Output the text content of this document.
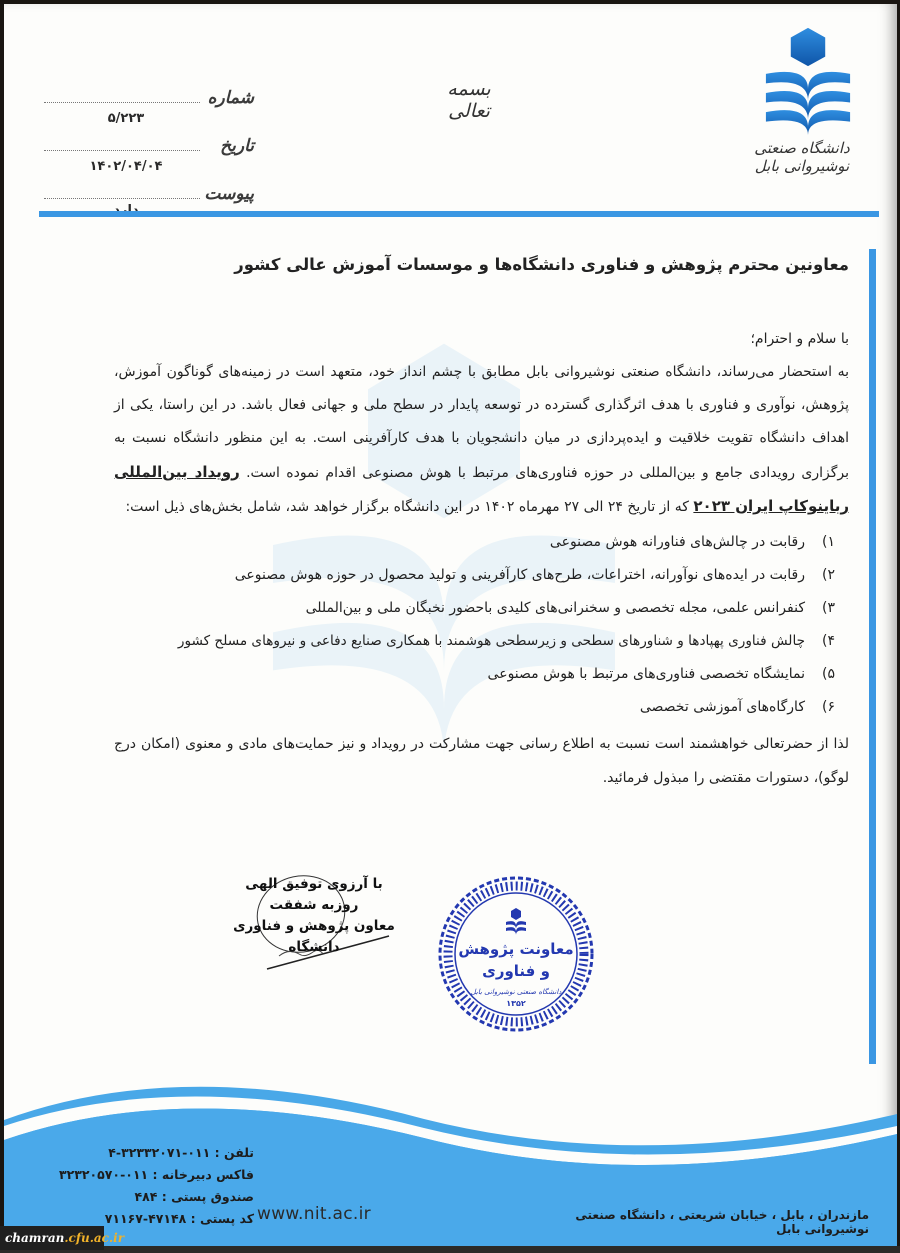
شماره
۵/۲۲۳
تاریخ
۱۴۰۲/۰۴/۰۴
پیوست
بسمه تعالی
دانشگاه صنعتی نوشیروانی بابل
معاونین محترم پژوهش و فناوری دانشگاه‌ها و موسسات آموزش عالی کشور
با سلام و احترام؛
به استحضار می‌رساند، دانشگاه صنعتی نوشیروانی بابل مطابق با چشم انداز خود، متعهد است در زمینه‌های گوناگون آموزش، پژوهش، نوآوری و فناوری با هدف اثرگذاری گسترده در توسعه پایدار در سطح ملی و جهانی فعال باشد. در این راستا، یکی از اهداف دانشگاه تقویت خلاقیت و ایده‌پردازی در میان دانشجویان با هدف کارآفرینی است. به این منظور دانشگاه نسبت به برگزاری رویدادی جامع و بین‌المللی در حوزه فناوری‌های مرتبط با هوش مصنوعی اقدام نموده است. رویداد بین‌المللی رباینوکاپ ایران ۲۰۲۳ که از تاریخ ۲۴ الی ۲۷ مهرماه ۱۴۰۲ در این دانشگاه برگزار خواهد شد، شامل بخش‌های ذیل است:
۱)
رقابت در چالش‌های فناورانه هوش مصنوعی
۲)
رقابت در ایده‌های نوآورانه، اختراعات، طرح‌های کارآفرینی و تولید محصول در حوزه هوش مصنوعی
۳)
کنفرانس علمی، مجله تخصصی و سخنرانی‌های کلیدی باحضور نخبگان ملی و بین‌المللی
۴)
چالش فناوری پهپادها و شناورهای سطحی و زیرسطحی هوشمند با همکاری صنایع دفاعی و نیروهای مسلح کشور
۵)
نمایشگاه تخصصی فناوری‌های مرتبط با هوش مصنوعی
۶)
کارگاه‌های آموزشی تخصصی
لذا از حضرتعالی خواهشمند است نسبت به اطلاع رسانی جهت مشارکت در رویداد و نیز حمایت‌های مادی و معنوی (امکان درج لوگو)، دستورات مقتضی را مبذول فرمائید.
با آرزوی توفیق الهی
روزبه شفقت
معاون پژوهش و فناوری دانشگاه	معاونت پژوهش
و فناوری
دانشگاه صنعتی نوشیروانی بابل
۱۳۵۲
تلفن : ۰۱۱-۳۲۳۳۲۰۷۱-۴
فاکس دبیرخانه : ۰۱۱-۳۲۳۲۰۵۷۰
صندوق پستی : ۴۸۴
کد پستی : ۴۷۱۴۸-۷۱۱۶۷	www.nit.ac.ir	مازندران ، بابل ، خیابان شریعتی ، دانشگاه صنعتی نوشیروانی بابل
chamran.cfu.ac.ir
